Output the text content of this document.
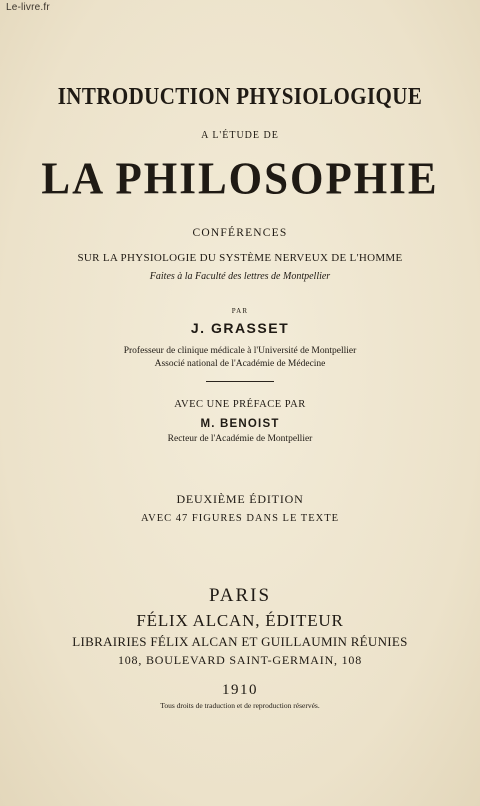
Le-livre.fr
INTRODUCTION PHYSIOLOGIQUE
A L'ÉTUDE DE
LA PHILOSOPHIE
CONFÉRENCES
SUR LA PHYSIOLOGIE DU SYSTÈME NERVEUX DE L'HOMME
Faites à la Faculté des lettres de Montpellier
PAR
J. GRASSET
Professeur de clinique médicale à l'Université de Montpellier
Associé national de l'Académie de Médecine
AVEC UNE PRÉFACE PAR
M. BENOIST
Recteur de l'Académie de Montpellier
DEUXIÈME ÉDITION
AVEC 47 FIGURES DANS LE TEXTE
PARIS
FÉLIX ALCAN, ÉDITEUR
LIBRAIRIES FÉLIX ALCAN ET GUILLAUMIN RÉUNIES
108, BOULEVARD SAINT-GERMAIN, 108
1910
Tous droits de traduction et de reproduction réservés.
